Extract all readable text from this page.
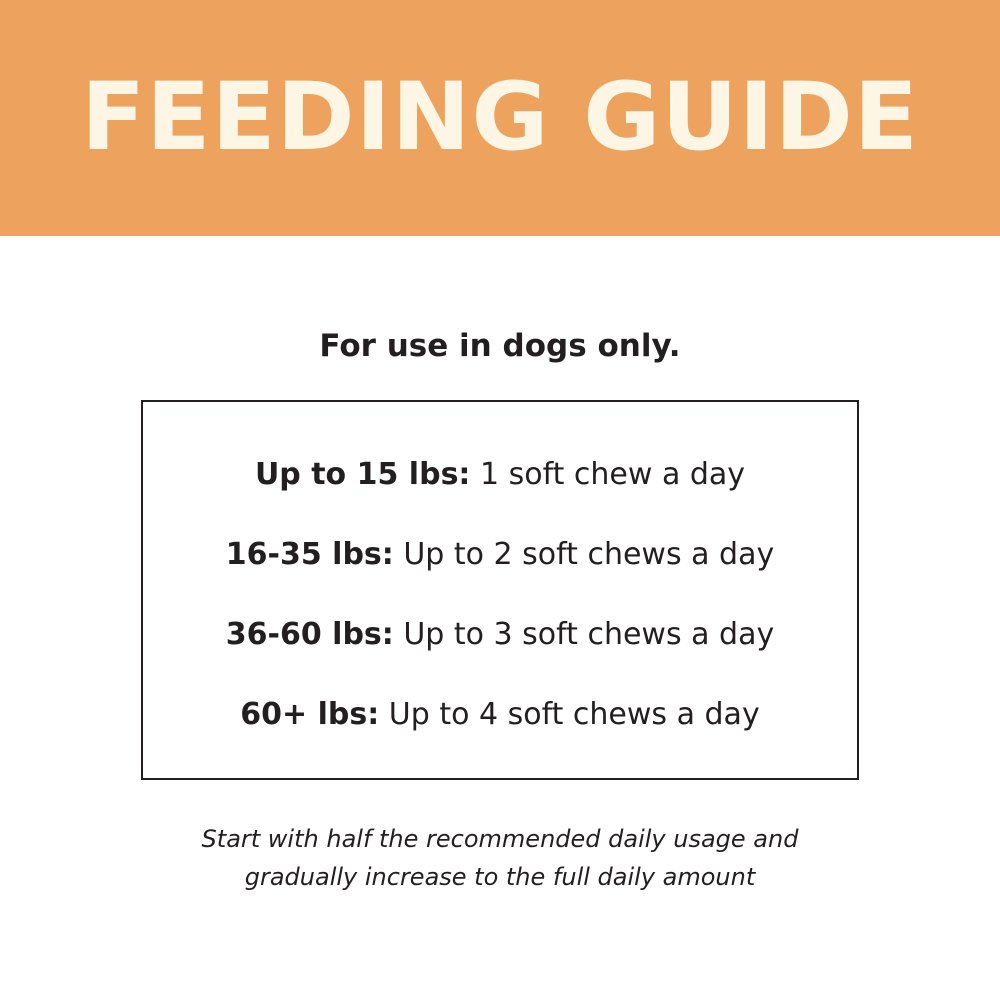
FEEDING GUIDE
For use in dogs only.
Up to 15 lbs: 1 soft chew a day
16-35 lbs: Up to 2 soft chews a day
36-60 lbs: Up to 3 soft chews a day
60+ lbs: Up to 4 soft chews a day
Start with half the recommended daily usage and
gradually increase to the full daily amount
